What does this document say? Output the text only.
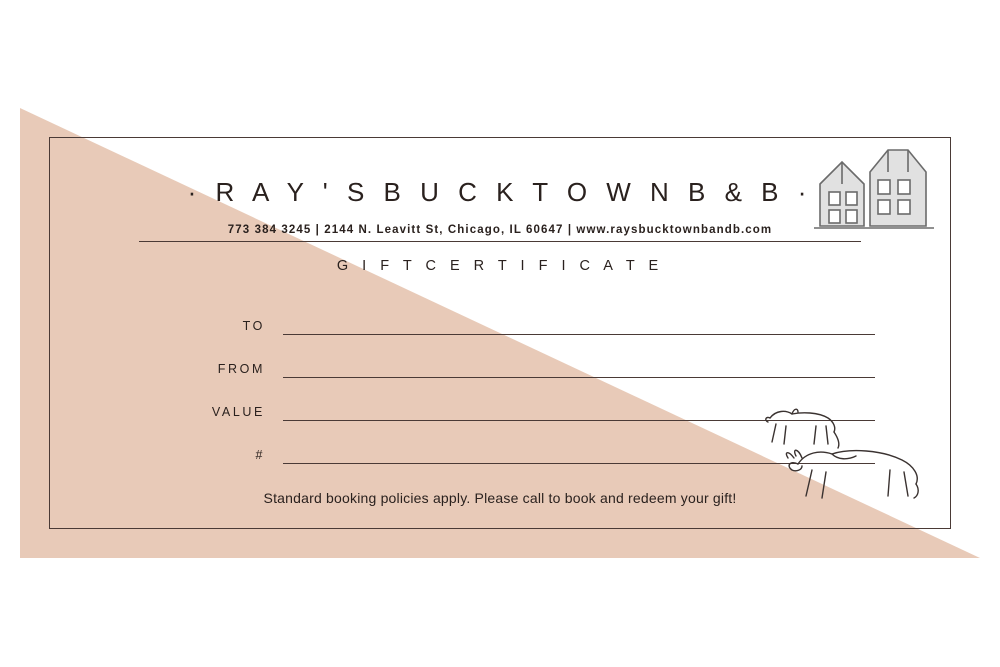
· R A Y ' S B U C K T O W N B & B ·
773 384 3245 | 2144 N. Leavitt St, Chicago, IL 60647 | www.raysbucktownbandb.com
G I F T C E R T I F I C A T E
TO
FROM
VALUE
#
Standard booking policies apply. Please call to book and redeem your gift!
